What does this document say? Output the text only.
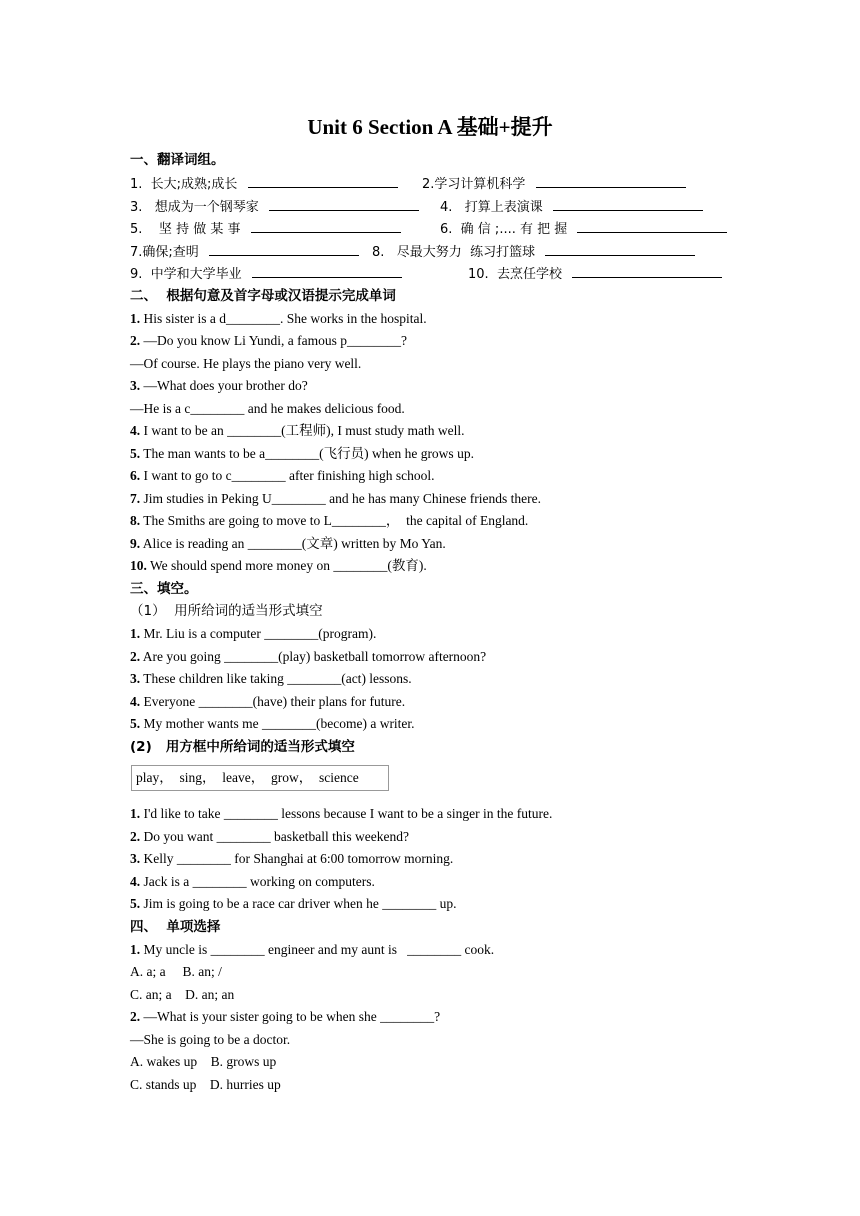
Unit 6 Section A 基础+提升
一、翻译词组。
1.  长大;成熟;成长	2.学习计算机科学
3.   想成为一个钢琴家	4.   打算上表演课
5.    坚 持 做 某 事	6.  确 信 ;.... 有 把 握
7.确保;查明	8.   尽最大努力  练习打篮球
9.  中学和大学毕业	10.  去烹任学校
二、  根据句意及首字母或汉语提示完成单词
1. His sister is a d________. She works in the hospital.
2. —Do you know Li Yundi, a famous p________?
—Of course. He plays the piano very well.
3. —What does your brother do?
—He is a c________ and he makes delicious food.
4. I want to be an ________(工程师), I must study math well.
5. The man wants to be a________(飞行员) when he grows up.
6. I want to go to c________ after finishing high school.
7. Jim studies in Peking U________ and he has many Chinese friends there.
8. The Smiths are going to move to L________，  the capital of England.
9. Alice is reading an ________(文章) written by Mo Yan.
10. We should spend more money on ________(教育).
三、填空。
（1）  用所给词的适当形式填空
1. Mr. Liu is a computer ________(program).
2. Are you going ________(play) basketball tomorrow afternoon?
3. These children like taking ________(act) lessons.
4. Everyone ________(have) their plans for future.
5. My mother wants me ________(become) a writer.
(2)   用方框中所给词的适当形式填空
play，  sing，  leave，  grow，  science
1. I'd like to take ________ lessons because I want to be a singer in the future.
2. Do you want ________ basketball this weekend?
3. Kelly ________ for Shanghai at 6:00 tomorrow morning.
4. Jack is a ________ working on computers.
5. Jim is going to be a race car driver when he ________ up.
四、  单项选择
1. My uncle is ________ engineer and my aunt is   ________ cook.
A. a; a     B. an; /
C. an; a    D. an; an
2. —What is your sister going to be when she ________?
—She is going to be a doctor.
A. wakes up    B. grows up
C. stands up    D. hurries up
